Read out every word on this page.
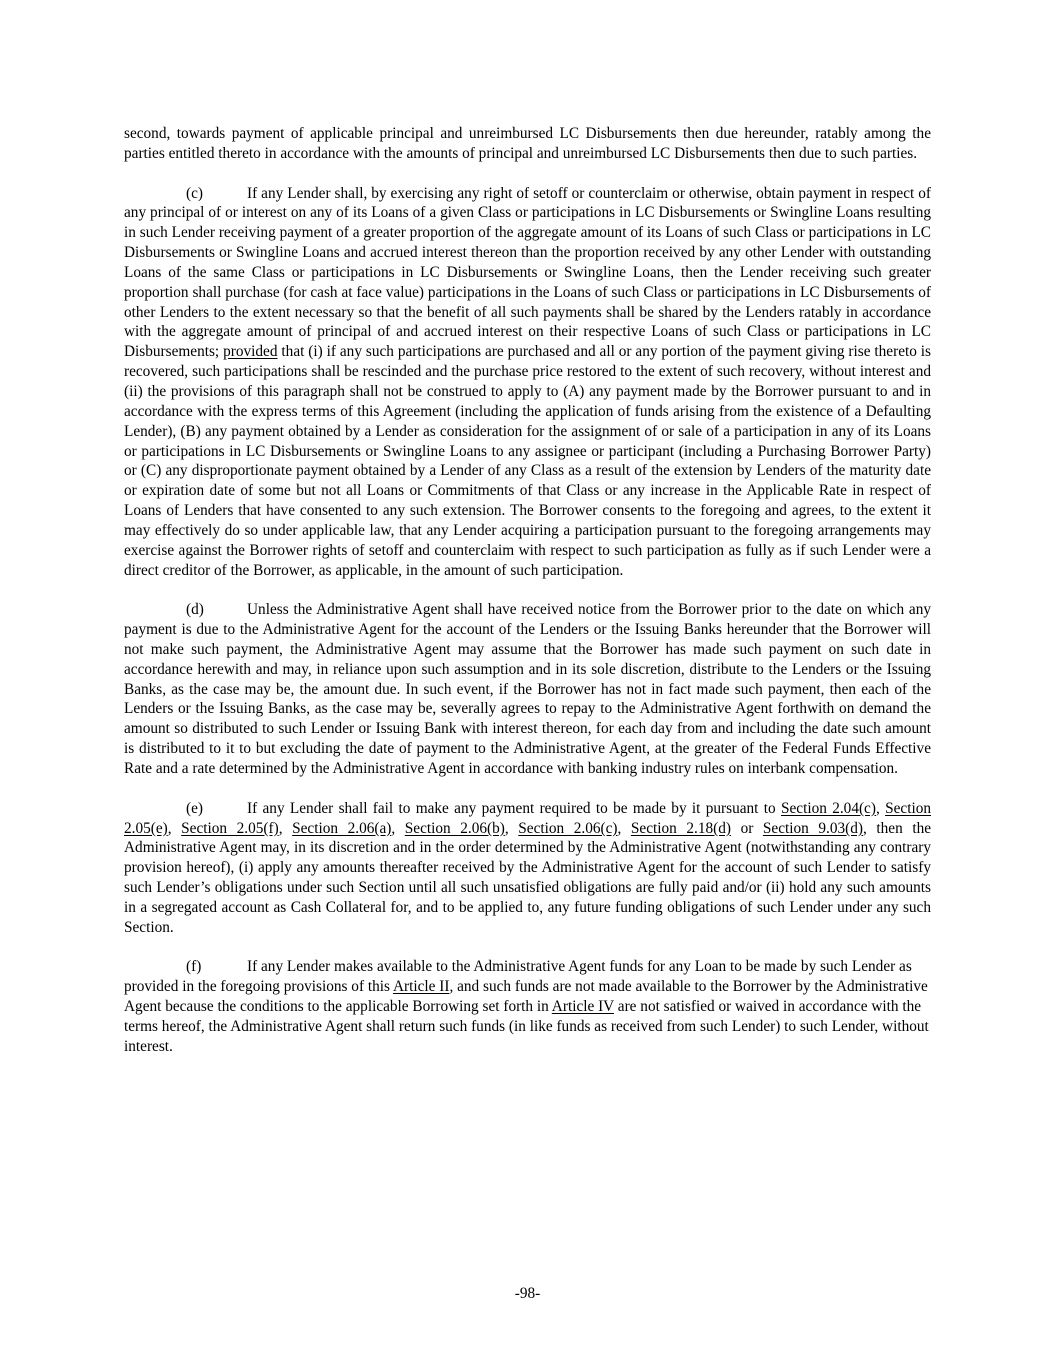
second, towards payment of applicable principal and unreimbursed LC Disbursements then due hereunder, ratably among the parties entitled thereto in accordance with the amounts of principal and unreimbursed LC Disbursements then due to such parties.

(c)	If any Lender shall, by exercising any right of setoff or counterclaim or otherwise, obtain payment in respect of any principal of or interest on any of its Loans of a given Class or participations in LC Disbursements or Swingline Loans resulting in such Lender receiving payment of a greater proportion of the aggregate amount of its Loans of such Class or participations in LC Disbursements or Swingline Loans and accrued interest thereon than the proportion received by any other Lender with outstanding Loans of the same Class or participations in LC Disbursements or Swingline Loans, then the Lender receiving such greater proportion shall purchase (for cash at face value) participations in the Loans of such Class or participations in LC Disbursements of other Lenders to the extent necessary so that the benefit of all such payments shall be shared by the Lenders ratably in accordance with the aggregate amount of principal of and accrued interest on their respective Loans of such Class or participations in LC Disbursements; provided that (i) if any such participations are purchased and all or any portion of the payment giving rise thereto is recovered, such participations shall be rescinded and the purchase price restored to the extent of such recovery, without interest and (ii) the provisions of this paragraph shall not be construed to apply to (A) any payment made by the Borrower pursuant to and in accordance with the express terms of this Agreement (including the application of funds arising from the existence of a Defaulting Lender), (B) any payment obtained by a Lender as consideration for the assignment of or sale of a participation in any of its Loans or participations in LC Disbursements or Swingline Loans to any assignee or participant (including a Purchasing Borrower Party) or (C) any disproportionate payment obtained by a Lender of any Class as a result of the extension by Lenders of the maturity date or expiration date of some but not all Loans or Commitments of that Class or any increase in the Applicable Rate in respect of Loans of Lenders that have consented to any such extension. The Borrower consents to the foregoing and agrees, to the extent it may effectively do so under applicable law, that any Lender acquiring a participation pursuant to the foregoing arrangements may exercise against the Borrower rights of setoff and counterclaim with respect to such participation as fully as if such Lender were a direct creditor of the Borrower, as applicable, in the amount of such participation.

(d)	Unless the Administrative Agent shall have received notice from the Borrower prior to the date on which any payment is due to the Administrative Agent for the account of the Lenders or the Issuing Banks hereunder that the Borrower will not make such payment, the Administrative Agent may assume that the Borrower has made such payment on such date in accordance herewith and may, in reliance upon such assumption and in its sole discretion, distribute to the Lenders or the Issuing Banks, as the case may be, the amount due. In such event, if the Borrower has not in fact made such payment, then each of the Lenders or the Issuing Banks, as the case may be, severally agrees to repay to the Administrative Agent forthwith on demand the amount so distributed to such Lender or Issuing Bank with interest thereon, for each day from and including the date such amount is distributed to it to but excluding the date of payment to the Administrative Agent, at the greater of the Federal Funds Effective Rate and a rate determined by the Administrative Agent in accordance with banking industry rules on interbank compensation.

(e)	If any Lender shall fail to make any payment required to be made by it pursuant to Section 2.04(c), Section 2.05(e), Section 2.05(f), Section 2.06(a), Section 2.06(b), Section 2.06(c), Section 2.18(d) or Section 9.03(d), then the Administrative Agent may, in its discretion and in the order determined by the Administrative Agent (notwithstanding any contrary provision hereof), (i) apply any amounts thereafter received by the Administrative Agent for the account of such Lender to satisfy such Lender’s obligations under such Section until all such unsatisfied obligations are fully paid and/or (ii) hold any such amounts in a segregated account as Cash Collateral for, and to be applied to, any future funding obligations of such Lender under any such Section.

(f)	If any Lender makes available to the Administrative Agent funds for any Loan to be made by such Lender as provided in the foregoing provisions of this Article II, and such funds are not made available to the Borrower by the Administrative Agent because the conditions to the applicable Borrowing set forth in Article IV are not satisfied or waived in accordance with the terms hereof, the Administrative Agent shall return such funds (in like funds as received from such Lender) to such Lender, without interest.

-98-
